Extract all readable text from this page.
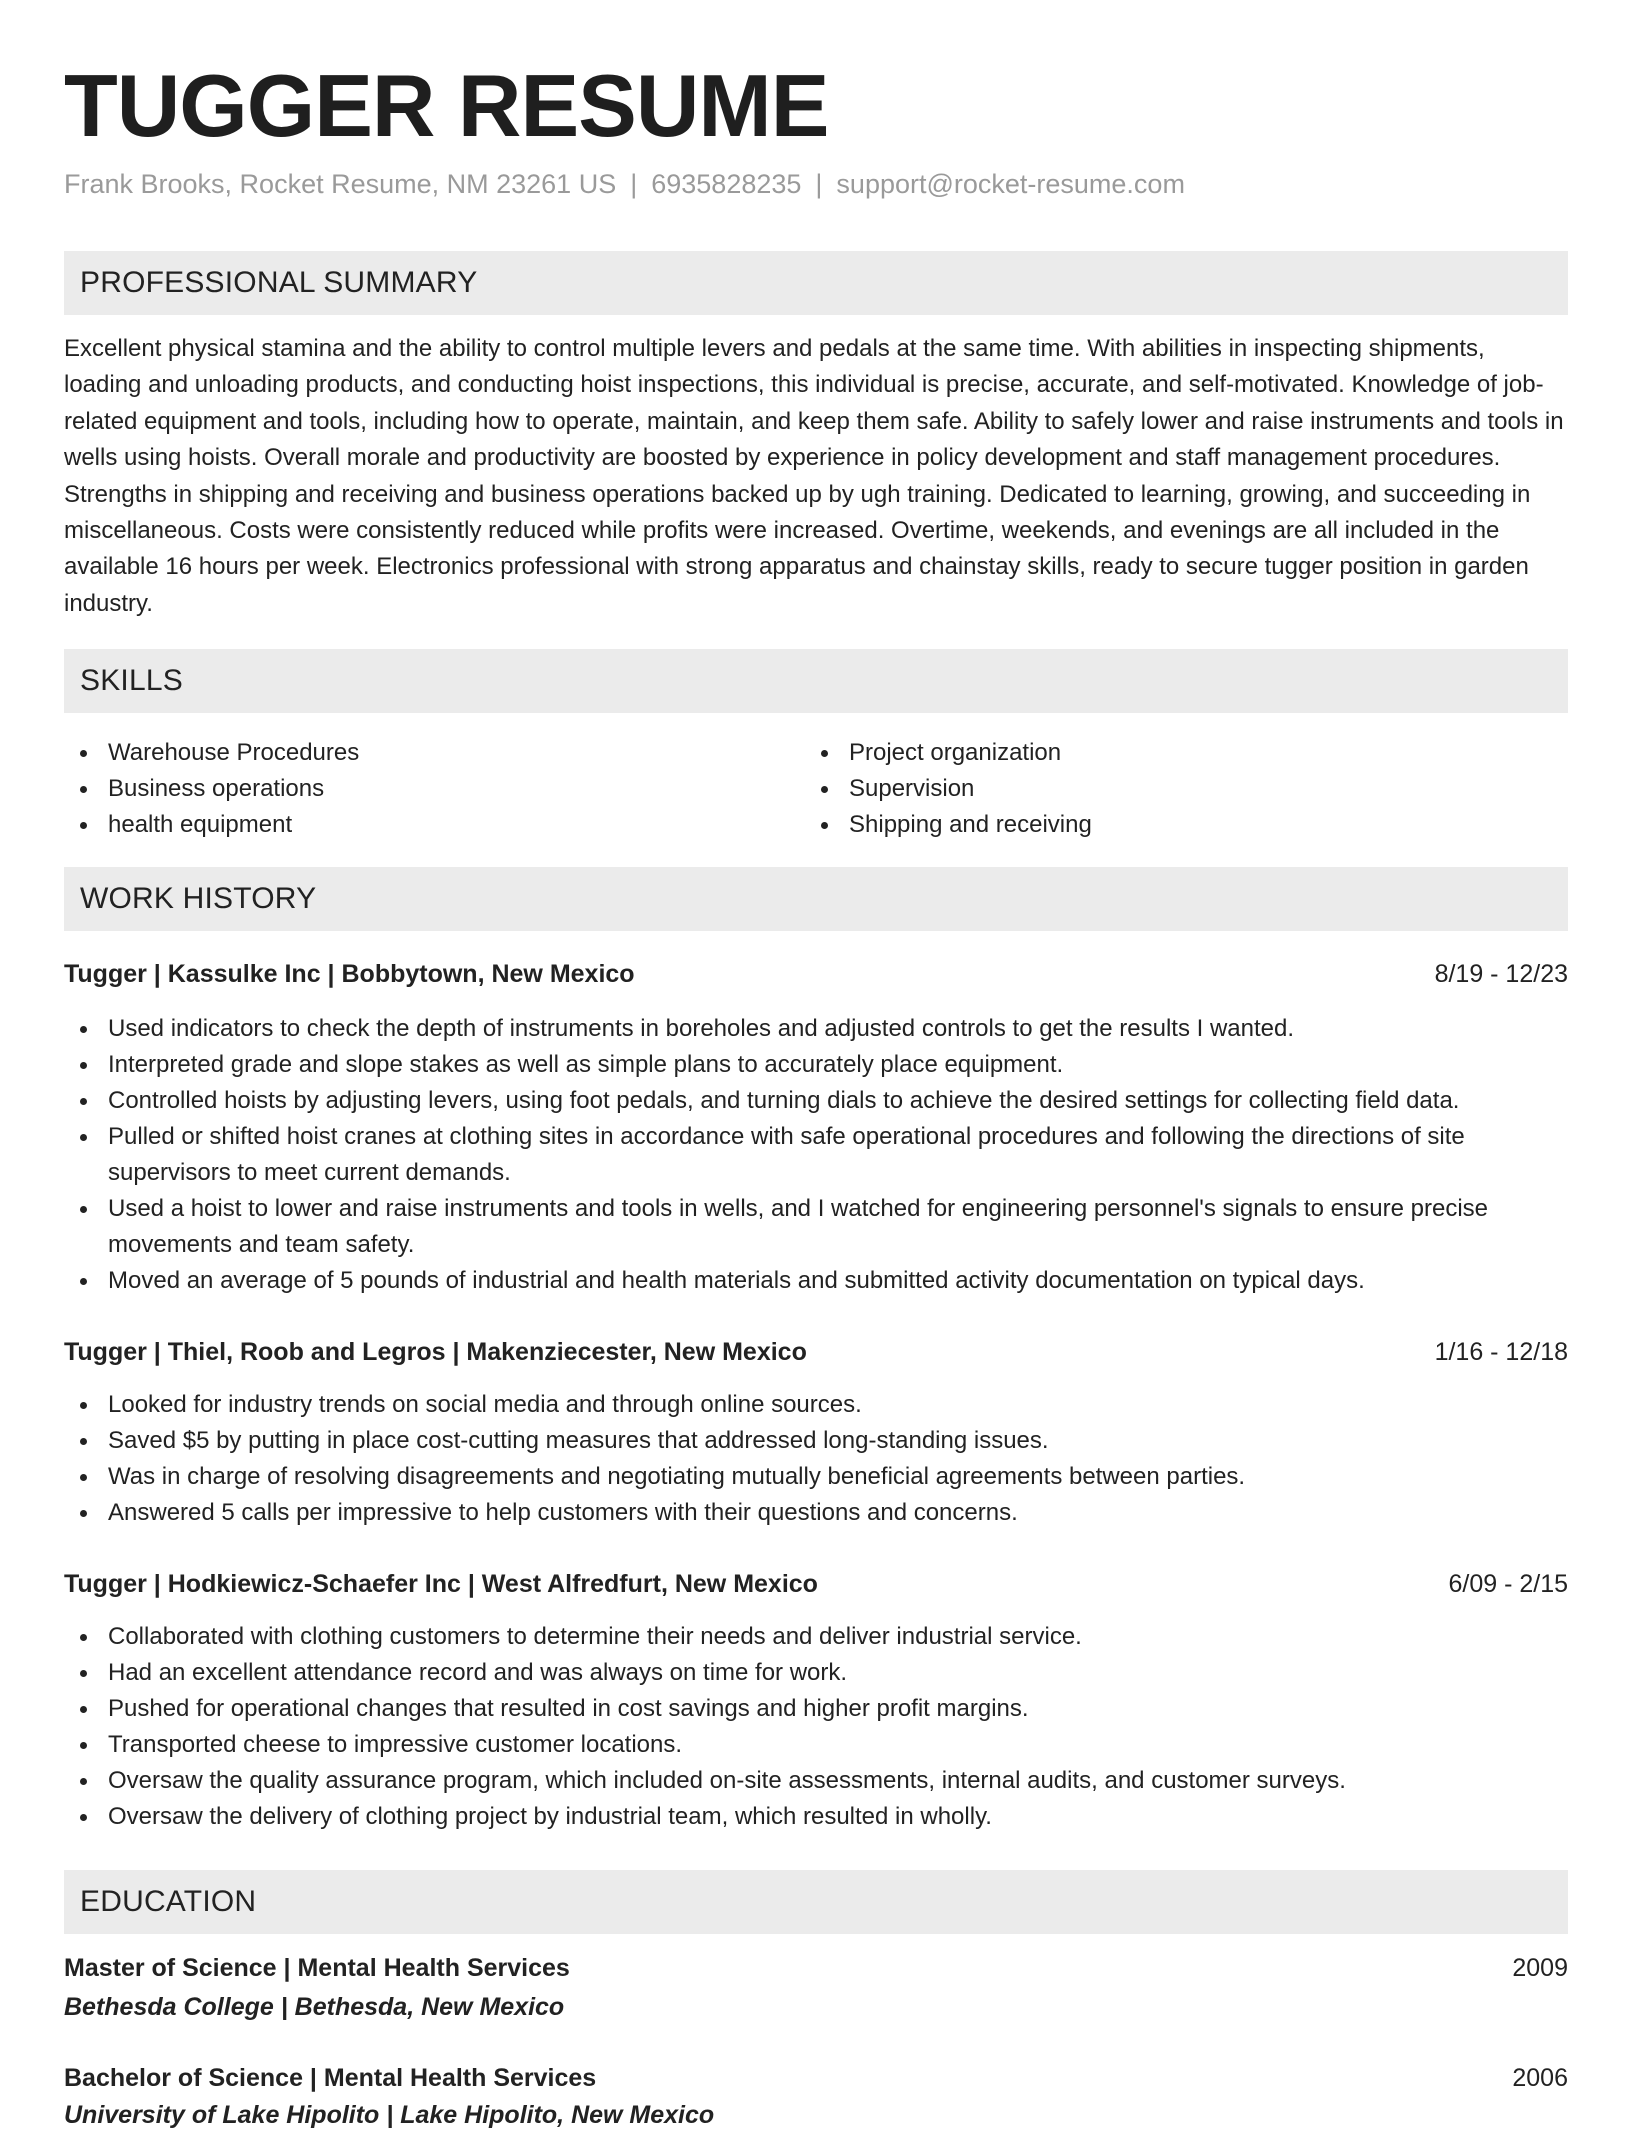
TUGGER RESUME
Frank Brooks, Rocket Resume, NM 23261 US | 6935828235 | support@rocket-resume.com
PROFESSIONAL SUMMARY
Excellent physical stamina and the ability to control multiple levers and pedals at the same time. With abilities in inspecting shipments, loading and unloading products, and conducting hoist inspections, this individual is precise, accurate, and self-motivated. Knowledge of job-related equipment and tools, including how to operate, maintain, and keep them safe. Ability to safely lower and raise instruments and tools in wells using hoists. Overall morale and productivity are boosted by experience in policy development and staff management procedures. Strengths in shipping and receiving and business operations backed up by ugh training. Dedicated to learning, growing, and succeeding in miscellaneous. Costs were consistently reduced while profits were increased. Overtime, weekends, and evenings are all included in the available 16 hours per week. Electronics professional with strong apparatus and chainstay skills, ready to secure tugger position in garden industry.
SKILLS
Warehouse Procedures
Business operations
health equipment
Project organization
Supervision
Shipping and receiving
WORK HISTORY
Tugger | Kassulke Inc | Bobbytown, New Mexico	8/19 - 12/23
Used indicators to check the depth of instruments in boreholes and adjusted controls to get the results I wanted.
Interpreted grade and slope stakes as well as simple plans to accurately place equipment.
Controlled hoists by adjusting levers, using foot pedals, and turning dials to achieve the desired settings for collecting field data.
Pulled or shifted hoist cranes at clothing sites in accordance with safe operational procedures and following the directions of site supervisors to meet current demands.
Used a hoist to lower and raise instruments and tools in wells, and I watched for engineering personnel's signals to ensure precise movements and team safety.
Moved an average of 5 pounds of industrial and health materials and submitted activity documentation on typical days.
Tugger | Thiel, Roob and Legros | Makenziecester, New Mexico	1/16 - 12/18
Looked for industry trends on social media and through online sources.
Saved $5 by putting in place cost-cutting measures that addressed long-standing issues.
Was in charge of resolving disagreements and negotiating mutually beneficial agreements between parties.
Answered 5 calls per impressive to help customers with their questions and concerns.
Tugger | Hodkiewicz-Schaefer Inc | West Alfredfurt, New Mexico	6/09 - 2/15
Collaborated with clothing customers to determine their needs and deliver industrial service.
Had an excellent attendance record and was always on time for work.
Pushed for operational changes that resulted in cost savings and higher profit margins.
Transported cheese to impressive customer locations.
Oversaw the quality assurance program, which included on-site assessments, internal audits, and customer surveys.
Oversaw the delivery of clothing project by industrial team, which resulted in wholly.
EDUCATION
Master of Science | Mental Health Services	2009
Bethesda College | Bethesda, New Mexico
Bachelor of Science | Mental Health Services	2006
University of Lake Hipolito | Lake Hipolito, New Mexico
